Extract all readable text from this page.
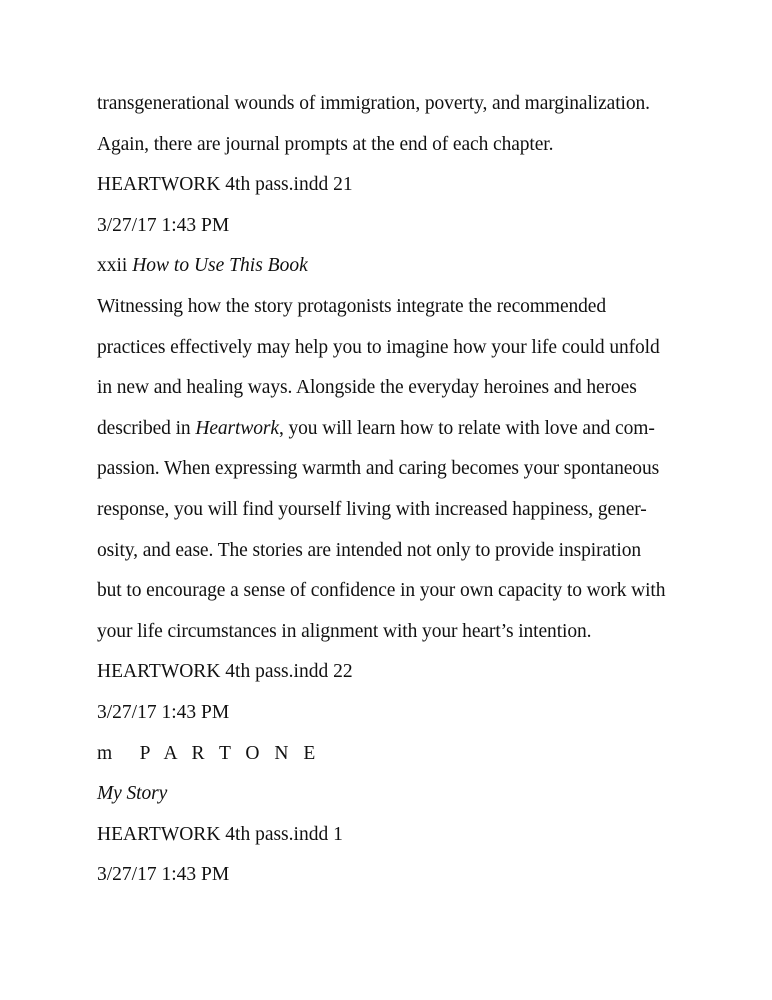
transgenerational wounds of immigration, poverty, and marginalization.
Again, there are journal prompts at the end of each chapter.
HEARTWORK 4th pass.indd 21
3/27/17 1:43 PM
xxii How to Use This Book
Witnessing how the story protagonists integrate the recommended
practices effectively may help you to imagine how your life could unfold
in new and healing ways. Alongside the everyday heroines and heroes
described in Heartwork, you will learn how to relate with love and com-
passion. When expressing warmth and caring becomes your spontaneous
response, you will find yourself living with increased happiness, gener-
osity, and ease. The stories are intended not only to provide inspiration
but to encourage a sense of confidence in your own capacity to work with
your life circumstances in alignment with your heart’s intention.
HEARTWORK 4th pass.indd 22
3/27/17 1:43 PM
m P A R T O N E
My Story
HEARTWORK 4th pass.indd 1
3/27/17 1:43 PM
